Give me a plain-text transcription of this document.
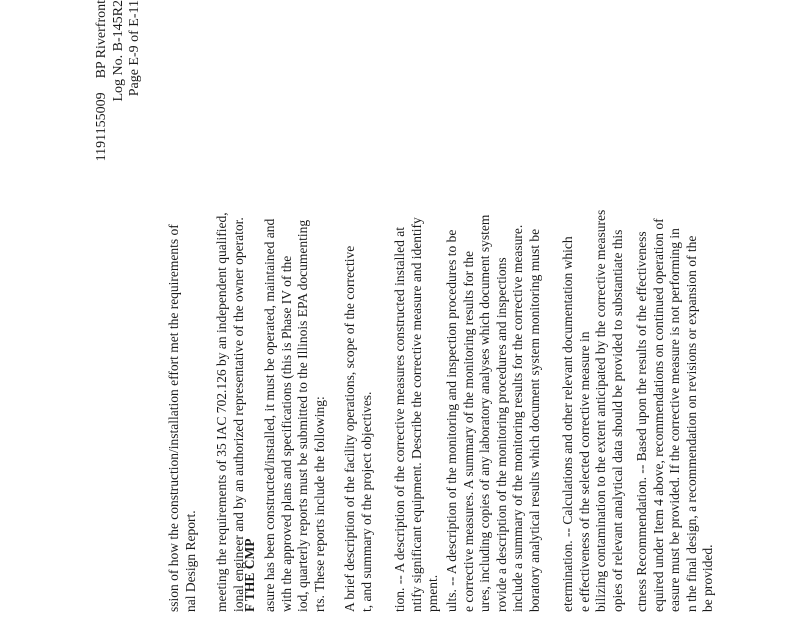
1191155009BP Riverfront Log No. B-145R2 Page E-9 of E-11
ssion of how the construction/installation effort met the requirements of nal Design Report. meeting the requirements of 35 IAC 702.126 by an independent qualified, ional engineer and by an authorized representative of the owner operator.
F THE CMP asure has been constructed/installed, it must be operated, maintained and with the approved plans and specifications (this is Phase IV of the iod, quarterly reports must be submitted to the Illinois EPA documenting rts. These reports include the following: A brief description of the facility operations, scope of the corrective t, and summary of the project objectives. tion. -- A description of the corrective measures constructed installed at ntify significant equipment. Describe the corrective measure and identify pment. ults. -- A description of the monitoring and inspection procedures to be e corrective measures. A summary of the monitoring results for the ures, including copies of any laboratory analyses which document system rovide a description of the monitoring procedures and inspections include a summary of the monitoring results for the corrective measure. boratory analytical results which document system monitoring must be etermination. -- Calculations and other relevant documentation which e effectiveness of the selected corrective measure in bilizing contamination to the extent anticipated by the corrective measures opies of relevant analytical data should be provided to substantiate this ctness Recommendation. -- Based upon the results of the effectiveness equired under Item 4 above, recommendations on continued operation of easure must be provided. If the corrective measure is not performing in n the final design, a recommendation on revisions or expansion of the be provided.
